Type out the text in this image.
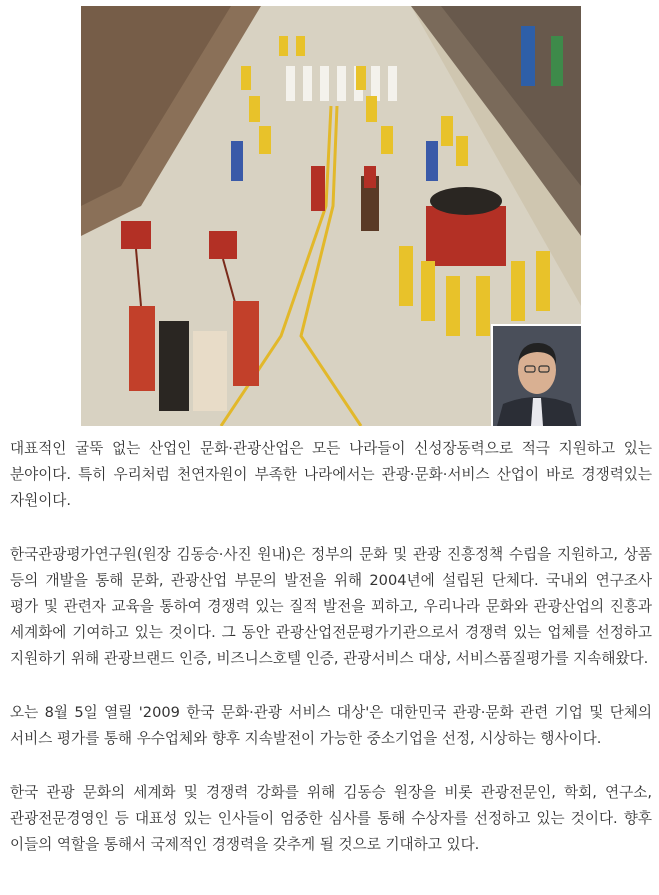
대표적인 굴뚝 없는 산업인 문화·관광산업은 모든 나라들이 신성장동력으로 적극 지원하고 있는 분야이다. 특히 우리처럼 천연자원이 부족한 나라에서는 관광·문화·서비스 산업이 바로 경쟁력있는 자원이다.

한국관광평가연구원(원장 김동승·사진 원내)은 정부의 문화 및 관광 진흥정책 수립을 지원하고, 상품 등의 개발을 통해 문화, 관광산업 부문의 발전을 위해 2004년에 설립된 단체다. 국내외 연구조사 평가 및 관련자 교육을 통하여 경쟁력 있는 질적 발전을 꾀하고, 우리나라 문화와 관광산업의 진흥과 세계화에 기여하고 있는 것이다. 그 동안 관광산업전문평가기관으로서 경쟁력 있는 업체를 선정하고 지원하기 위해 관광브랜드 인증, 비즈니스호텔 인증, 관광서비스 대상, 서비스품질평가를 지속해왔다.

오는 8월 5일 열릴 '2009 한국 문화·관광 서비스 대상'은 대한민국 관광·문화 관련 기업 및 단체의 서비스 평가를 통해 우수업체와 향후 지속발전이 가능한 중소기업을 선정, 시상하는 행사이다.

한국 관광 문화의 세계화 및 경쟁력 강화를 위해 김동승 원장을 비롯 관광전문인, 학회, 연구소, 관광전문경영인 등 대표성 있는 인사들이 엄중한 심사를 통해 수상자를 선정하고 있는 것이다. 향후 이들의 역할을 통해서 국제적인 경쟁력을 갖추게 될 것으로 기대하고 있다.
